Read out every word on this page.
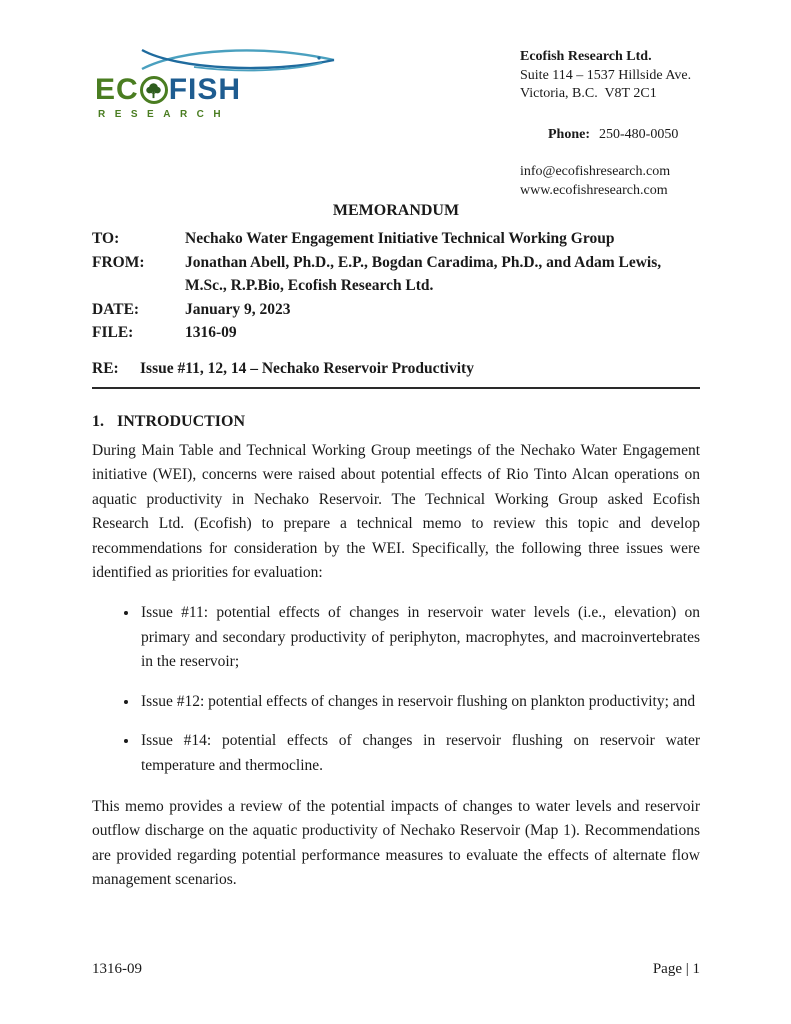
EC FISH
RESEARCH
Ecofish Research Ltd.
Suite 114 – 1537 Hillside Ave.
Victoria, B.C.  V8T 2C1

Phone: 250-480-0050

info@ecofishresearch.com
www.ecofishresearch.com
MEMORANDUM
TO:	Nechako Water Engagement Initiative Technical Working Group
FROM:	Jonathan Abell, Ph.D., E.P., Bogdan Caradima, Ph.D., and Adam Lewis, M.Sc., R.P.Bio, Ecofish Research Ltd.
DATE:	January 9, 2023
FILE:	1316-09
RE:	Issue #11, 12, 14 – Nechako Reservoir Productivity
1. INTRODUCTION

During Main Table and Technical Working Group meetings of the Nechako Water Engagement initiative (WEI), concerns were raised about potential effects of Rio Tinto Alcan operations on aquatic productivity in Nechako Reservoir. The Technical Working Group asked Ecofish Research Ltd. (Ecofish) to prepare a technical memo to review this topic and develop recommendations for consideration by the WEI. Specifically, the following three issues were identified as priorities for evaluation:

• Issue #11: potential effects of changes in reservoir water levels (i.e., elevation) on primary and secondary productivity of periphyton, macrophytes, and macroinvertebrates in the reservoir;
• Issue #12: potential effects of changes in reservoir flushing on plankton productivity; and
• Issue #14: potential effects of changes in reservoir flushing on reservoir water temperature and thermocline.

This memo provides a review of the potential impacts of changes to water levels and reservoir outflow discharge on the aquatic productivity of Nechako Reservoir (Map 1). Recommendations are provided regarding potential performance measures to evaluate the effects of alternate flow management scenarios.

1316-09	Page | 1
